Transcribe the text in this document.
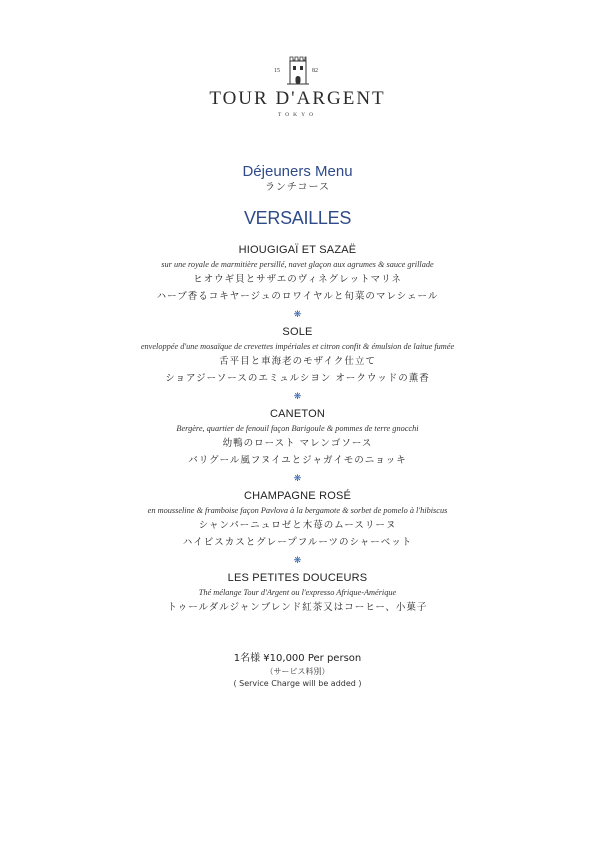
15	82
TOUR D'ARGENT
TOKYO
Déjeuners Menu
ランチコース
VERSAILLES
HIOUGIGAÏ ET SAZAË
sur une royale de marmitière persillé, navet glaçon aux agrumes & sauce grillade
ヒオウギ貝とサザエのヴィネグレットマリネ
ハーブ香るコキヤージュのロワイヤルと旬菜のマレシェール
❋
SOLE
enveloppée d'une mosaïque de crevettes impériales et citron confit & émulsion de laitue fumée
舌平目と車海老のモザイク仕立て
ショアジーソースのエミュルシヨン オークウッドの薫香
❋
CANETON
Bergère, quartier de fenouil façon Barigoule & pommes de terre gnocchi
幼鴨のロースト マレンゴソース
バリグール風フヌイユとジャガイモのニョッキ
❋
CHAMPAGNE ROSÉ
en mousseline & framboise façon Pavlova à la bergamote & sorbet de pomelo à l'hibiscus
シャンパーニュロゼと木苺のムースリーヌ
ハイビスカスとグレープフルーツのシャーベット
❋
LES PETITES DOUCEURS
Thé mélange Tour d'Argent ou l'expresso Afrique-Amérique
トゥールダルジャンブレンド紅茶又はコーヒー、小菓子
1名様 ¥10,000 Per person
（サービス料別）
( Service Charge will be added )
